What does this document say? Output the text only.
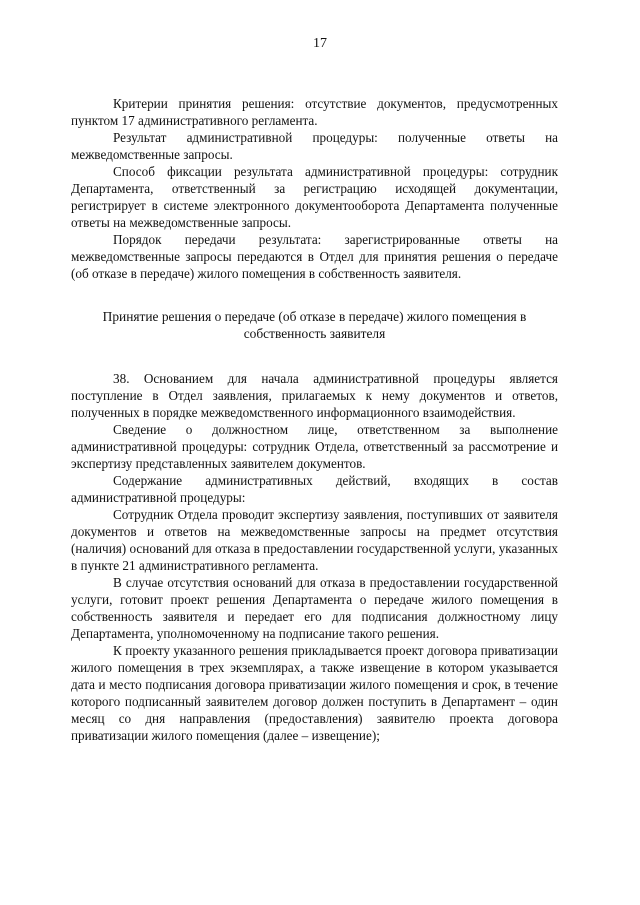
17

Критерии принятия решения: отсутствие документов, предусмотренных пунктом 17 административного регламента.

Результат административной процедуры: полученные ответы на межведомственные запросы.

Способ фиксации результата административной процедуры: сотрудник Департамента, ответственный за регистрацию исходящей документации, регистрирует в системе электронного документооборота Департамента полученные ответы на межведомственные запросы.

Порядок передачи результата: зарегистрированные ответы на межведомственные запросы передаются в Отдел для принятия решения о передаче (об отказе в передаче) жилого помещения в собственность заявителя.

Принятие решения о передаче (об отказе в передаче) жилого помещения в
собственность заявителя

38. Основанием для начала административной процедуры является поступление в Отдел заявления, прилагаемых к нему документов и ответов, полученных в порядке межведомственного информационного взаимодействия.

Сведение о должностном лице, ответственном за выполнение административной процедуры: сотрудник Отдела, ответственный за рассмотрение и экспертизу представленных заявителем документов.

Содержание административных действий, входящих в состав административной процедуры:

Сотрудник Отдела проводит экспертизу заявления, поступивших от заявителя документов и ответов на межведомственные запросы на предмет отсутствия (наличия) оснований для отказа в предоставлении государственной услуги, указанных в пункте 21 административного регламента.

В случае отсутствия оснований для отказа в предоставлении государственной услуги, готовит проект решения Департамента о передаче жилого помещения в собственность заявителя и передает его для подписания должностному лицу Департамента, уполномоченному на подписание такого решения.

К проекту указанного решения прикладывается проект договора приватизации жилого помещения в трех экземплярах, а также извещение в котором указывается дата и место подписания договора приватизации жилого помещения и срок, в течение которого подписанный заявителем договор должен поступить в Департамент – один месяц со дня направления (предоставления) заявителю проекта договора приватизации жилого помещения (далее – извещение);
